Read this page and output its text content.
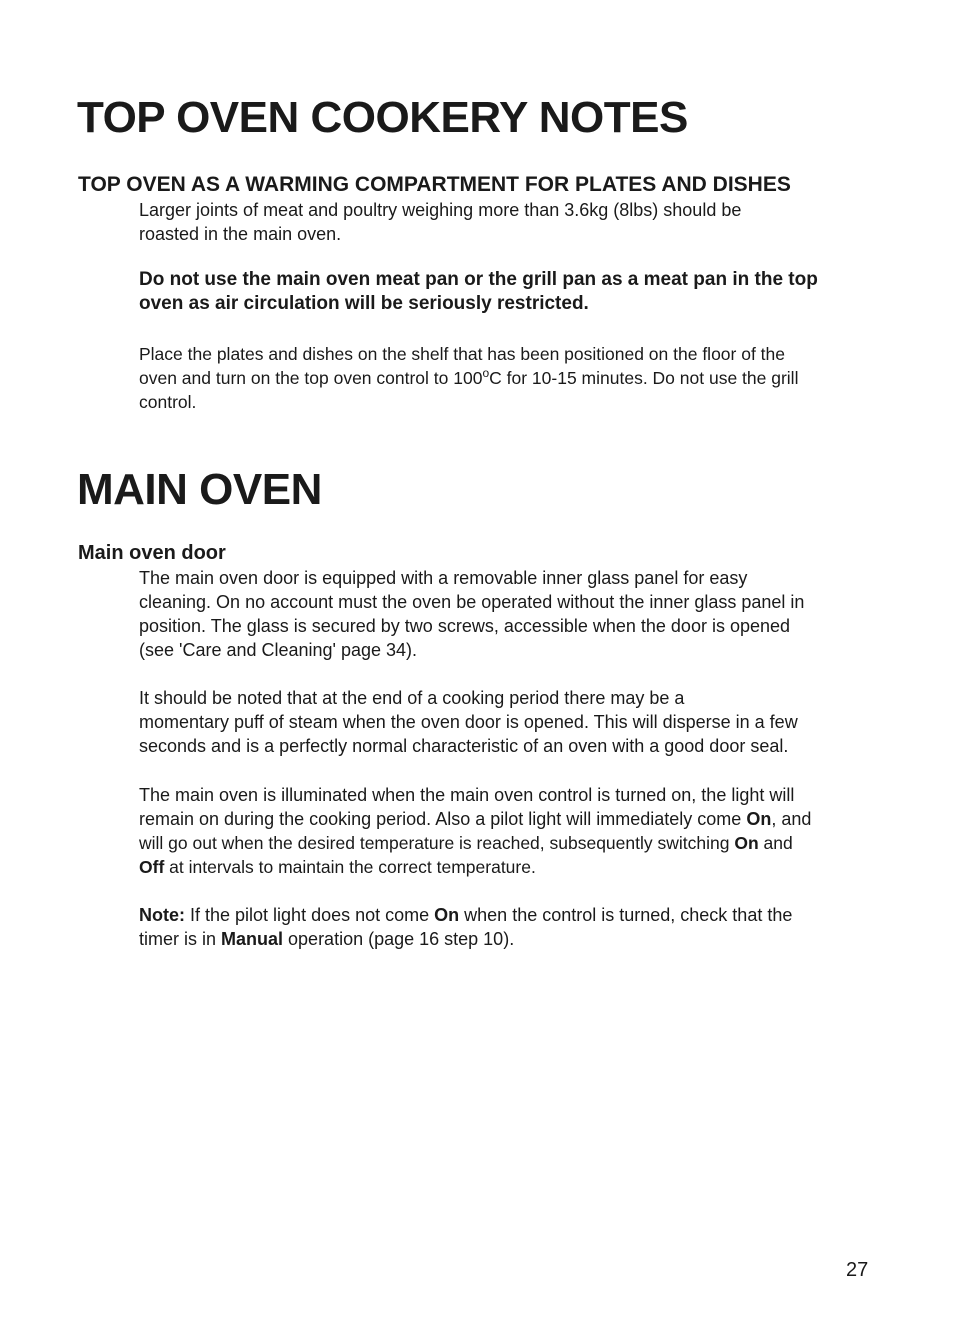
TOP OVEN COOKERY NOTES
TOP OVEN AS A WARMING COMPARTMENT FOR PLATES AND DISHES
Larger joints of meat and poultry weighing more than 3.6kg (8lbs) should be
roasted in the main oven.
Do not use the main oven meat pan or the grill pan as a meat pan in the top
oven as air circulation will be seriously restricted.
Place the plates and dishes on the shelf that has been positioned on the floor of the
oven and turn on the top oven control to 100$^o$C for 10-15 minutes. Do not use the grill
control.
MAIN OVEN
Main oven door
The main oven door is equipped with a removable inner glass panel for easy
cleaning. On no account must the oven be operated without the inner glass panel in
position. The glass is secured by two screws, accessible when the door is opened
(see 'Care and Cleaning' page 34).
It should be noted that at the end of a cooking period there may be a
momentary puff of steam when the oven door is opened. This will disperse in a few
seconds and is a perfectly normal characteristic of an oven with a good door seal.
The main oven is illuminated when the main oven control is turned on, the light will
remain on during the cooking period. Also a pilot light will immediately come On, and
will go out when the desired temperature is reached, subsequently switching On and
Off at intervals to maintain the correct temperature.
Note: If the pilot light does not come On when the control is turned, check that the
timer is in Manual operation (page 16 step 10).
27
